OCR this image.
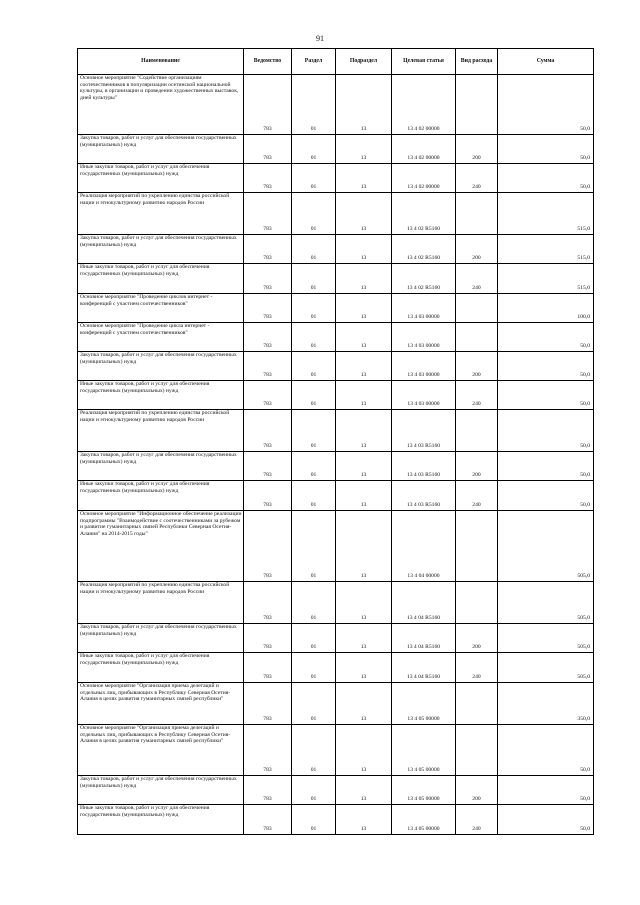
91
Наименование	Ведомство	Раздел	Подраздел	Целевая статья	Вид расхода	Сумма
Основное мероприятие "Содействие организациям соотечественников в популяризации осетинской национальной культуры, в организации и проведении художественных выставок, дней культуры"	783	01	13	13 4 02 00000		50,0
Закупка товаров, работ и услуг для обеспечения государственных (муниципальных) нужд	783	01	13	13 4 02 00000	200	50,0
Иные закупки товаров, работ и услуг для обеспечения государственных (муниципальных) нужд	783	01	13	13 4 02 00000	240	50,0
Реализация мероприятий по укреплению единства российской нации и этнокультурному развитию народов России	783	01	13	13 4 02 R5160		515,0
Закупка товаров, работ и услуг для обеспечения государственных (муниципальных) нужд	783	01	13	13 4 02 R5160	200	515,0
Иные закупки товаров, работ и услуг для обеспечения государственных (муниципальных) нужд	783	01	13	13 4 02 R5160	240	515,0
Основное мероприятие "Проведение циклов интернет - конференций с участием соотечественников"	783	01	13	13 4 03 00000		100,0
Основное мероприятие "Проведение цикла интернет - конференций с участием соотечественников"	783	01	13	13 4 03 00000		50,0
Закупка товаров, работ и услуг для обеспечения государственных (муниципальных) нужд	783	01	13	13 4 03 00000	200	50,0
Иные закупки товаров, работ и услуг для обеспечения государственных (муниципальных) нужд	783	01	13	13 4 03 00000	240	50,0
Реализация мероприятий по укреплению единства российской нации и этнокультурному развитию народов России	783	01	13	13 4 03 R5160		50,0
Закупка товаров, работ и услуг для обеспечения государственных (муниципальных) нужд	783	01	13	13 4 03 R5160	200	50,0
Иные закупки товаров, работ и услуг для обеспечения государственных (муниципальных) нужд	783	01	13	13 4 03 R5160	240	50,0
Основное мероприятие "Информационное обеспечение реализации подпрограммы "Взаимодействие с соотечественниками за рубежом и развитие гуманитарных связей Республики Северная Осетия-Алания" на 2014-2015 годы"	783	01	13	13 4 04 00000		505,0
Реализация мероприятий по укреплению единства российской нации и этнокультурному развитию народов России	783	01	13	13 4 04 R5160		505,0
Закупка товаров, работ и услуг для обеспечения государственных (муниципальных) нужд	783	01	13	13 4 04 R5160	200	505,0
Иные закупки товаров, работ и услуг для обеспечения государственных (муниципальных) нужд	783	01	13	13 4 04 R5160	240	505,0
Основное мероприятие "Организация приема делегаций и отдельных лиц, прибывающих в Республику Северная Осетия-Алания в целях развития гуманитарных связей республики"	783	01	13	13 4 05 00000		350,0
Основное мероприятие "Организация приема делегаций и отдельных лиц, прибывающих в Республику Северная Осетия-Алания в целях развития гуманитарных связей республики"	783	01	13	13 4 05 00000		50,0
Закупка товаров, работ и услуг для обеспечения государственных (муниципальных) нужд	783	01	13	13 4 05 00000	200	50,0
Иные закупки товаров, работ и услуг для обеспечения государственных (муниципальных) нужд	783	01	13	13 4 05 00000	240	50,0
